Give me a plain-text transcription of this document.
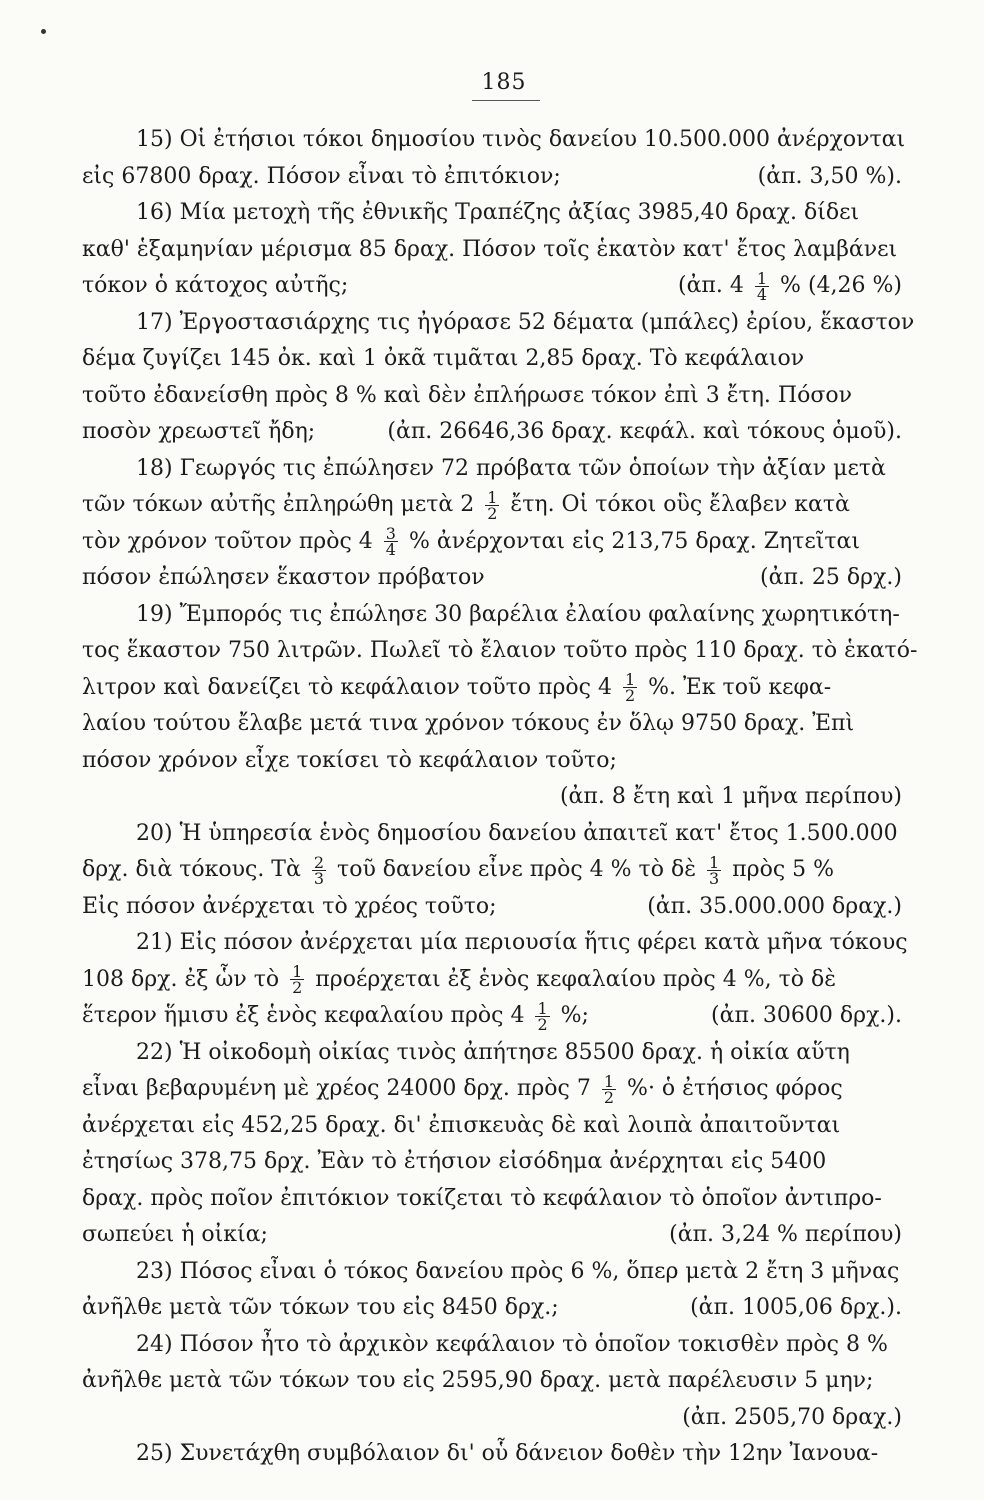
185
15) Οἱ ἐτήσιοι τόκοι δημοσίου τινὸς δανείου 10.500.000 ἀνέρχονται
εἰς 67800 δραχ. Πόσον εἶναι τὸ ἐπιτόκιον;	(ἀπ. 3,50 %).
16) Μία μετοχὴ τῆς ἐθνικῆς Τραπέζης ἀξίας 3985,40 δραχ. δίδει
καθ' ἑξαμηνίαν μέρισμα 85 δραχ. Πόσον τοῖς ἑκατὸν κατ' ἔτος λαμβάνει
τόκον ὁ κάτοχος αὐτῆς;	(ἀπ. $4 \frac{1}{4}$ % (4,26 %)
17) Ἐργοστασιάρχης τις ἠγόρασε 52 δέματα (μπάλες) ἐρίου, ἕκαστον
δέμα ζυγίζει 145 ὀκ. καὶ 1 ὀκᾶ τιμᾶται 2,85 δραχ. Τὸ κεφάλαιον
τοῦτο ἐδανείσθη πρὸς 8 % καὶ δὲν ἐπλήρωσε τόκον ἐπὶ 3 ἔτη. Πόσον
ποσὸν χρεωστεῖ ἤδη;	(ἀπ. 26646,36 δραχ. κεφάλ. καὶ τόκους ὁμοῦ).
18) Γεωργός τις ἐπώλησεν 72 πρόβατα τῶν ὁποίων τὴν ἀξίαν μετὰ
τῶν τόκων αὐτῆς ἐπληρώθη μετὰ $2 \frac{1}{2}$ ἔτη. Οἱ τόκοι οὓς ἔλαβεν κατὰ
τὸν χρόνον τοῦτον πρὸς $4 \frac{3}{4}$ % ἀνέρχονται εἰς 213,75 δραχ. Ζητεῖται
πόσον ἐπώλησεν ἕκαστον πρόβατον	(ἀπ. 25 δρχ.)
19) Ἔμπορός τις ἐπώλησε 30 βαρέλια ἐλαίου φαλαίνης χωρητικότη-
τος ἕκαστον 750 λιτρῶν. Πωλεῖ τὸ ἔλαιον τοῦτο πρὸς 110 δραχ. τὸ ἑκατό-
λιτρον καὶ δανείζει τὸ κεφάλαιον τοῦτο πρὸς $4 \frac{1}{2}$ %. Ἐκ τοῦ κεφα-
λαίου τούτου ἔλαβε μετά τινα χρόνον τόκους ἐν ὅλῳ 9750 δραχ. Ἐπὶ
πόσον χρόνον εἶχε τοκίσει τὸ κεφάλαιον τοῦτο;
(ἀπ. 8 ἔτη καὶ 1 μῆνα περίπου)
20) Ἡ ὑπηρεσία ἑνὸς δημοσίου δανείου ἀπαιτεῖ κατ' ἔτος 1.500.000
δρχ. διὰ τόκους. Τὰ $\frac{2}{3}$ τοῦ δανείου εἶνε πρὸς 4 % τὸ δὲ $\frac{1}{3}$ πρὸς 5 %
Εἰς πόσον ἀνέρχεται τὸ χρέος τοῦτο;	(ἀπ. 35.000.000 δραχ.)
21) Εἰς πόσον ἀνέρχεται μία περιουσία ἥτις φέρει κατὰ μῆνα τόκους
108 δρχ. ἐξ ὧν τὸ $\frac{1}{2}$ προέρχεται ἐξ ἑνὸς κεφαλαίου πρὸς 4 %, τὸ δὲ
ἕτερον ἥμισυ ἐξ ἑνὸς κεφαλαίου πρὸς $4 \frac{1}{2}$ %;	(ἀπ. 30600 δρχ.).
22) Ἡ οἰκοδομὴ οἰκίας τινὸς ἀπήτησε 85500 δραχ. ἡ οἰκία αὕτη
εἶναι βεβαρυμένη μὲ χρέος 24000 δρχ. πρὸς $7 \frac{1}{2}$ %· ὁ ἐτήσιος φόρος
ἀνέρχεται εἰς 452,25 δραχ. δι' ἐπισκευὰς δὲ καὶ λοιπὰ ἀπαιτοῦνται
ἐτησίως 378,75 δρχ. Ἐὰν τὸ ἐτήσιον εἰσόδημα ἀνέρχηται εἰς 5400
δραχ. πρὸς ποῖον ἐπιτόκιον τοκίζεται τὸ κεφάλαιον τὸ ὁποῖον ἀντιπρο-
σωπεύει ἡ οἰκία;	(ἀπ. 3,24 % περίπου)
23) Πόσος εἶναι ὁ τόκος δανείου πρὸς 6 %, ὅπερ μετὰ 2 ἔτη 3 μῆνας
ἀνῆλθε μετὰ τῶν τόκων του εἰς 8450 δρχ.;	(ἀπ. 1005,06 δρχ.).
24) Πόσον ἦτο τὸ ἀρχικὸν κεφάλαιον τὸ ὁποῖον τοκισθὲν πρὸς 8 %
ἀνῆλθε μετὰ τῶν τόκων του εἰς 2595,90 δραχ. μετὰ παρέλευσιν 5 μην;
(ἀπ. 2505,70 δραχ.)
25) Συνετάχθη συμβόλαιον δι' οὗ δάνειον δοθὲν τὴν 12ην Ἰανουα-
